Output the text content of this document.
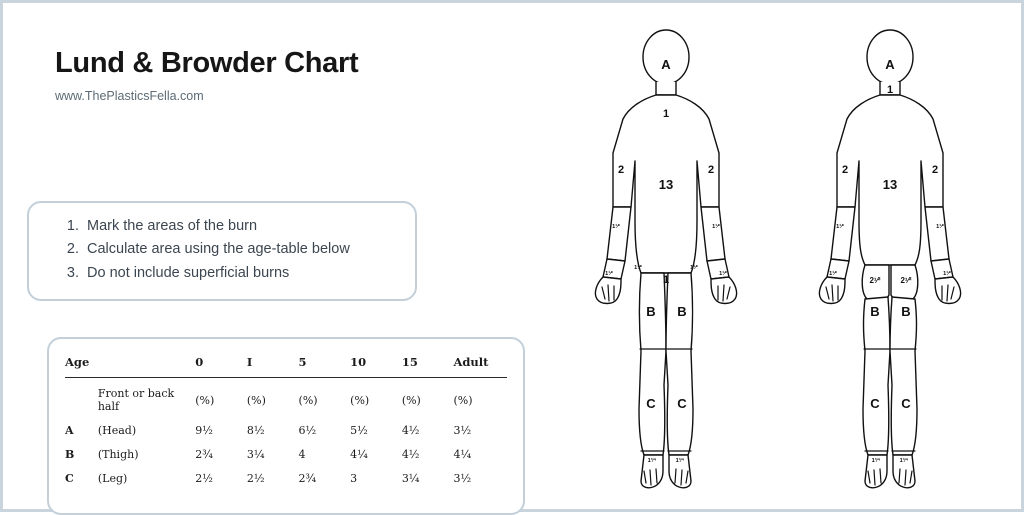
Lund & Browder Chart
www.ThePlasticsFella.com
1. Mark the areas of the burn
2. Calculate area using the age-table below
3. Do not include superficial burns
Age		0	I	5	10	15	Adult
	Front or back half	(%)	(%)	(%)	(%)	(%)	(%)
A	(Head)	9½	8½	6½	5½	4½	3½
B	(Thigh)	2¾	3¼	4	4¼	4½	4¼
C	(Leg)	2½	2½	2¾	3	3¼	3½
A
1
13
2	2
1¹⁄²	1¹⁄²
1¹⁄²	1¹⁄²
1
1¹⁄²	1¹⁄²
B B
C C
1³⁄⁴	1³⁄⁴
A
1
13
2	2
1¹⁄²	1¹⁄²
1¹⁄²	1¹⁄²
2¹⁄² 2¹⁄²
B B
C C
1³⁄⁴	1³⁄⁴
